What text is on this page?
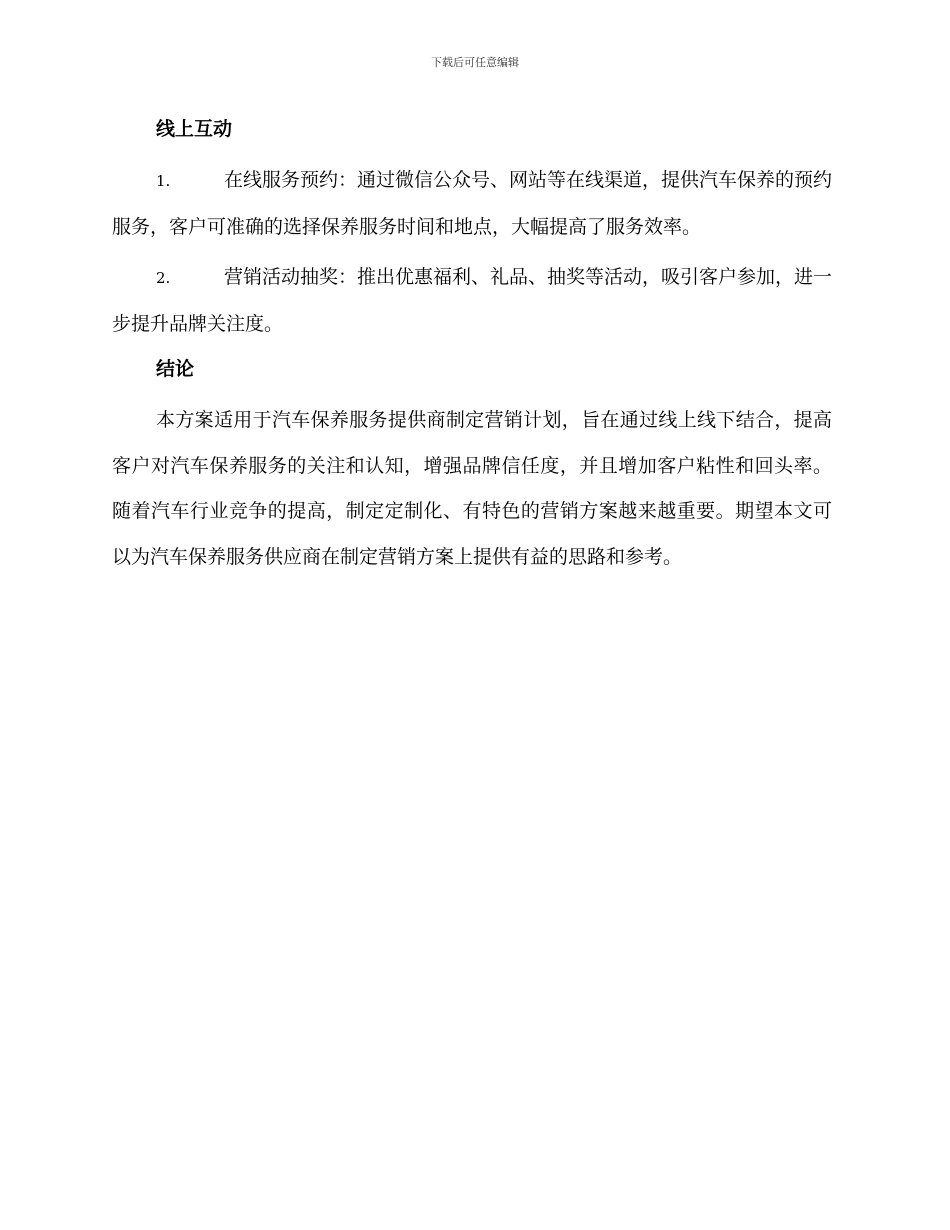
下载后可任意编辑
线上互动

1.	在线服务预约：通过微信公众号、网站等在线渠道，提供汽车保养的预约服务，客户可准确的选择保养服务时间和地点，大幅提高了服务效率。

2.	营销活动抽奖：推出优惠福利、礼品、抽奖等活动，吸引客户参加，进一步提升品牌关注度。

结论

本方案适用于汽车保养服务提供商制定营销计划，旨在通过线上线下结合，提高客户对汽车保养服务的关注和认知，增强品牌信任度，并且增加客户粘性和回头率。随着汽车行业竞争的提高，制定定制化、有特色的营销方案越来越重要。期望本文可以为汽车保养服务供应商在制定营销方案上提供有益的思路和参考。
